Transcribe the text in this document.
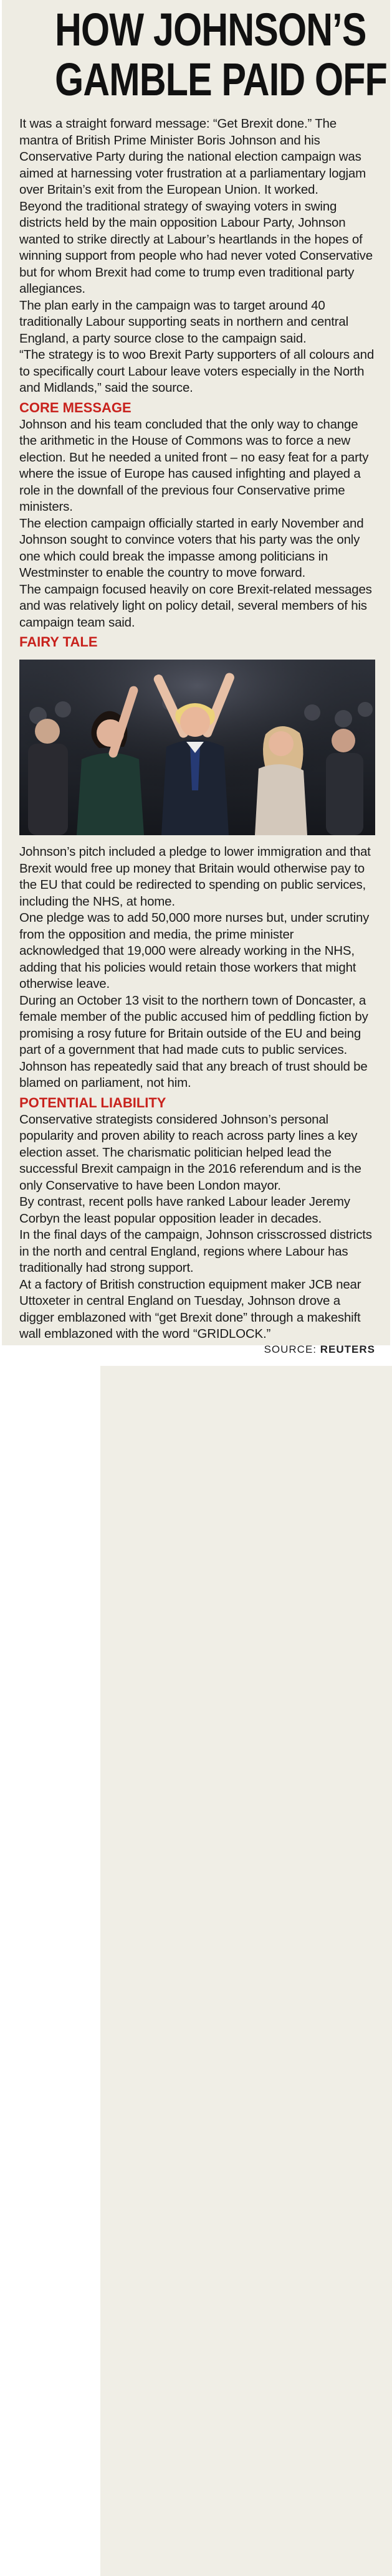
HOW JOHNSON’S
GAMBLE PAID OFF

It was a straight forward message: “Get Brexit done.” The mantra of British Prime Minister Boris Johnson and his Conservative Party during the national election campaign was aimed at harnessing voter frustration at a parliamentary logjam over Britain’s exit from the European Union. It worked.

Beyond the traditional strategy of swaying voters in swing districts held by the main opposition Labour Party, Johnson wanted to strike directly at Labour’s heartlands in the hopes of winning support from people who had never voted Conservative but for whom Brexit had come to trump even traditional party allegiances.

The plan early in the campaign was to target around 40 traditionally Labour supporting seats in northern and central England, a party source close to the campaign said.

“The strategy is to woo Brexit Party supporters of all colours and to specifically court Labour leave voters especially in the North and Midlands,” said the source.

CORE MESSAGE

Johnson and his team concluded that the only way to change the arithmetic in the House of Commons was to force a new election. But he needed a united front – no easy feat for a party where the issue of Europe has caused infighting and played a role in the downfall of the previous four Conservative prime ministers.

The election campaign officially started in early November and Johnson sought to convince voters that his party was the only one which could break the impasse among politicians in Westminster to enable the country to move forward.

The campaign focused heavily on core Brexit-related messages and was relatively light on policy detail, several members of his campaign team said.

FAIRY TALE

Johnson’s pitch included a pledge to lower immigration and that Brexit would free up money that Britain would otherwise pay to the EU that could be redirected to spending on public services, including the NHS, at home.

One pledge was to add 50,000 more nurses but, under scrutiny from the opposition and media, the prime minister acknowledged that 19,000 were already working in the NHS, adding that his policies would retain those workers that might otherwise leave.

During an October 13 visit to the northern town of Doncaster, a female member of the public accused him of peddling fiction by promising a rosy future for Britain outside of the EU and being part of a government that had made cuts to public services.

Johnson has repeatedly said that any breach of trust should be blamed on parliament, not him.

POTENTIAL LIABILITY

Conservative strategists considered Johnson’s personal popularity and proven ability to reach across party lines a key election asset. The charismatic politician helped lead the successful Brexit campaign in the 2016 referendum and is the only Conservative to have been London mayor.

By contrast, recent polls have ranked Labour leader Jeremy Corbyn the least popular opposition leader in decades.

In the final days of the campaign, Johnson crisscrossed districts in the north and central England, regions where Labour has traditionally had strong support.

At a factory of British construction equipment maker JCB near Uttoxeter in central England on Tuesday, Johnson drove a digger emblazoned with “get Brexit done” through a makeshift wall emblazoned with the word “GRIDLOCK.”

SOURCE: REUTERS
